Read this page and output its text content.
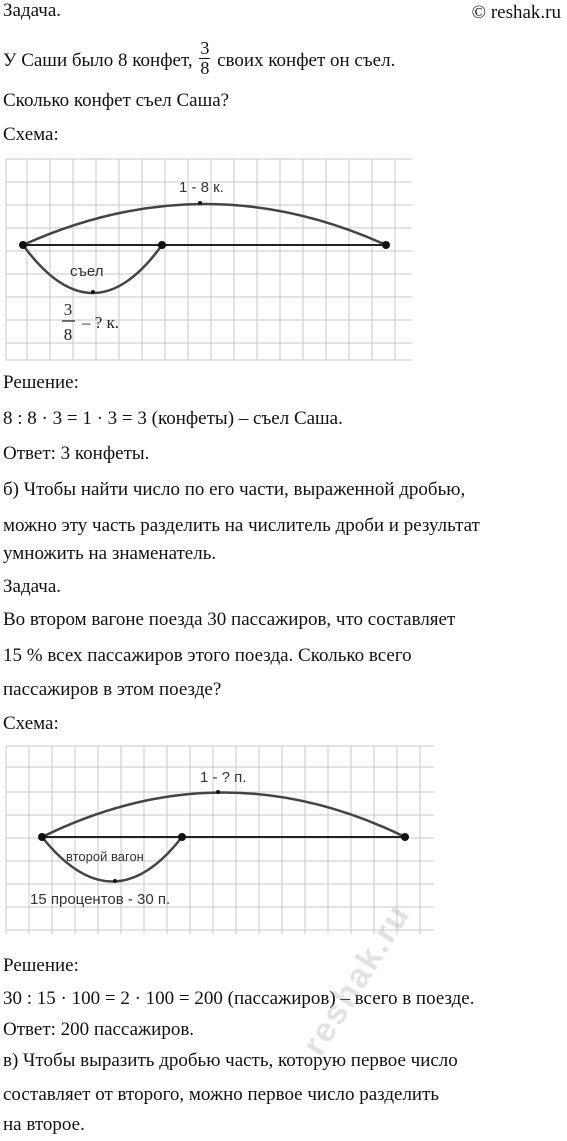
Задача.	© reshak.ru
У Саши было 8 конфет, $\frac{3}{8}$ своих конфет он съел.
Сколько конфет съел Саша?
Схема:
1 - 8 к.
съел
3
8
– ? к.
Решение:
8 : 8 · 3 = 1 · 3 = 3 (конфеты) – съел Саша.
Ответ: 3 конфеты.
б) Чтобы найти число по его части, выраженной дробью,
можно эту часть разделить на числитель дроби и результат
умножить на знаменатель.
Задача.
Во втором вагоне поезда 30 пассажиров, что составляет
15 % всех пассажиров этого поезда. Сколько всего
пассажиров в этом поезде?
Схема:
1 - ? п.
второй вагон
15 процентов - 30 п.
Решение:
30 : 15 · 100 = 2 · 100 = 200 (пассажиров) – всего в поезде.
Ответ: 200 пассажиров.
в) Чтобы выразить дробью часть, которую первое число
составляет от второго, можно первое число разделить
на второе.
reshak.ru
